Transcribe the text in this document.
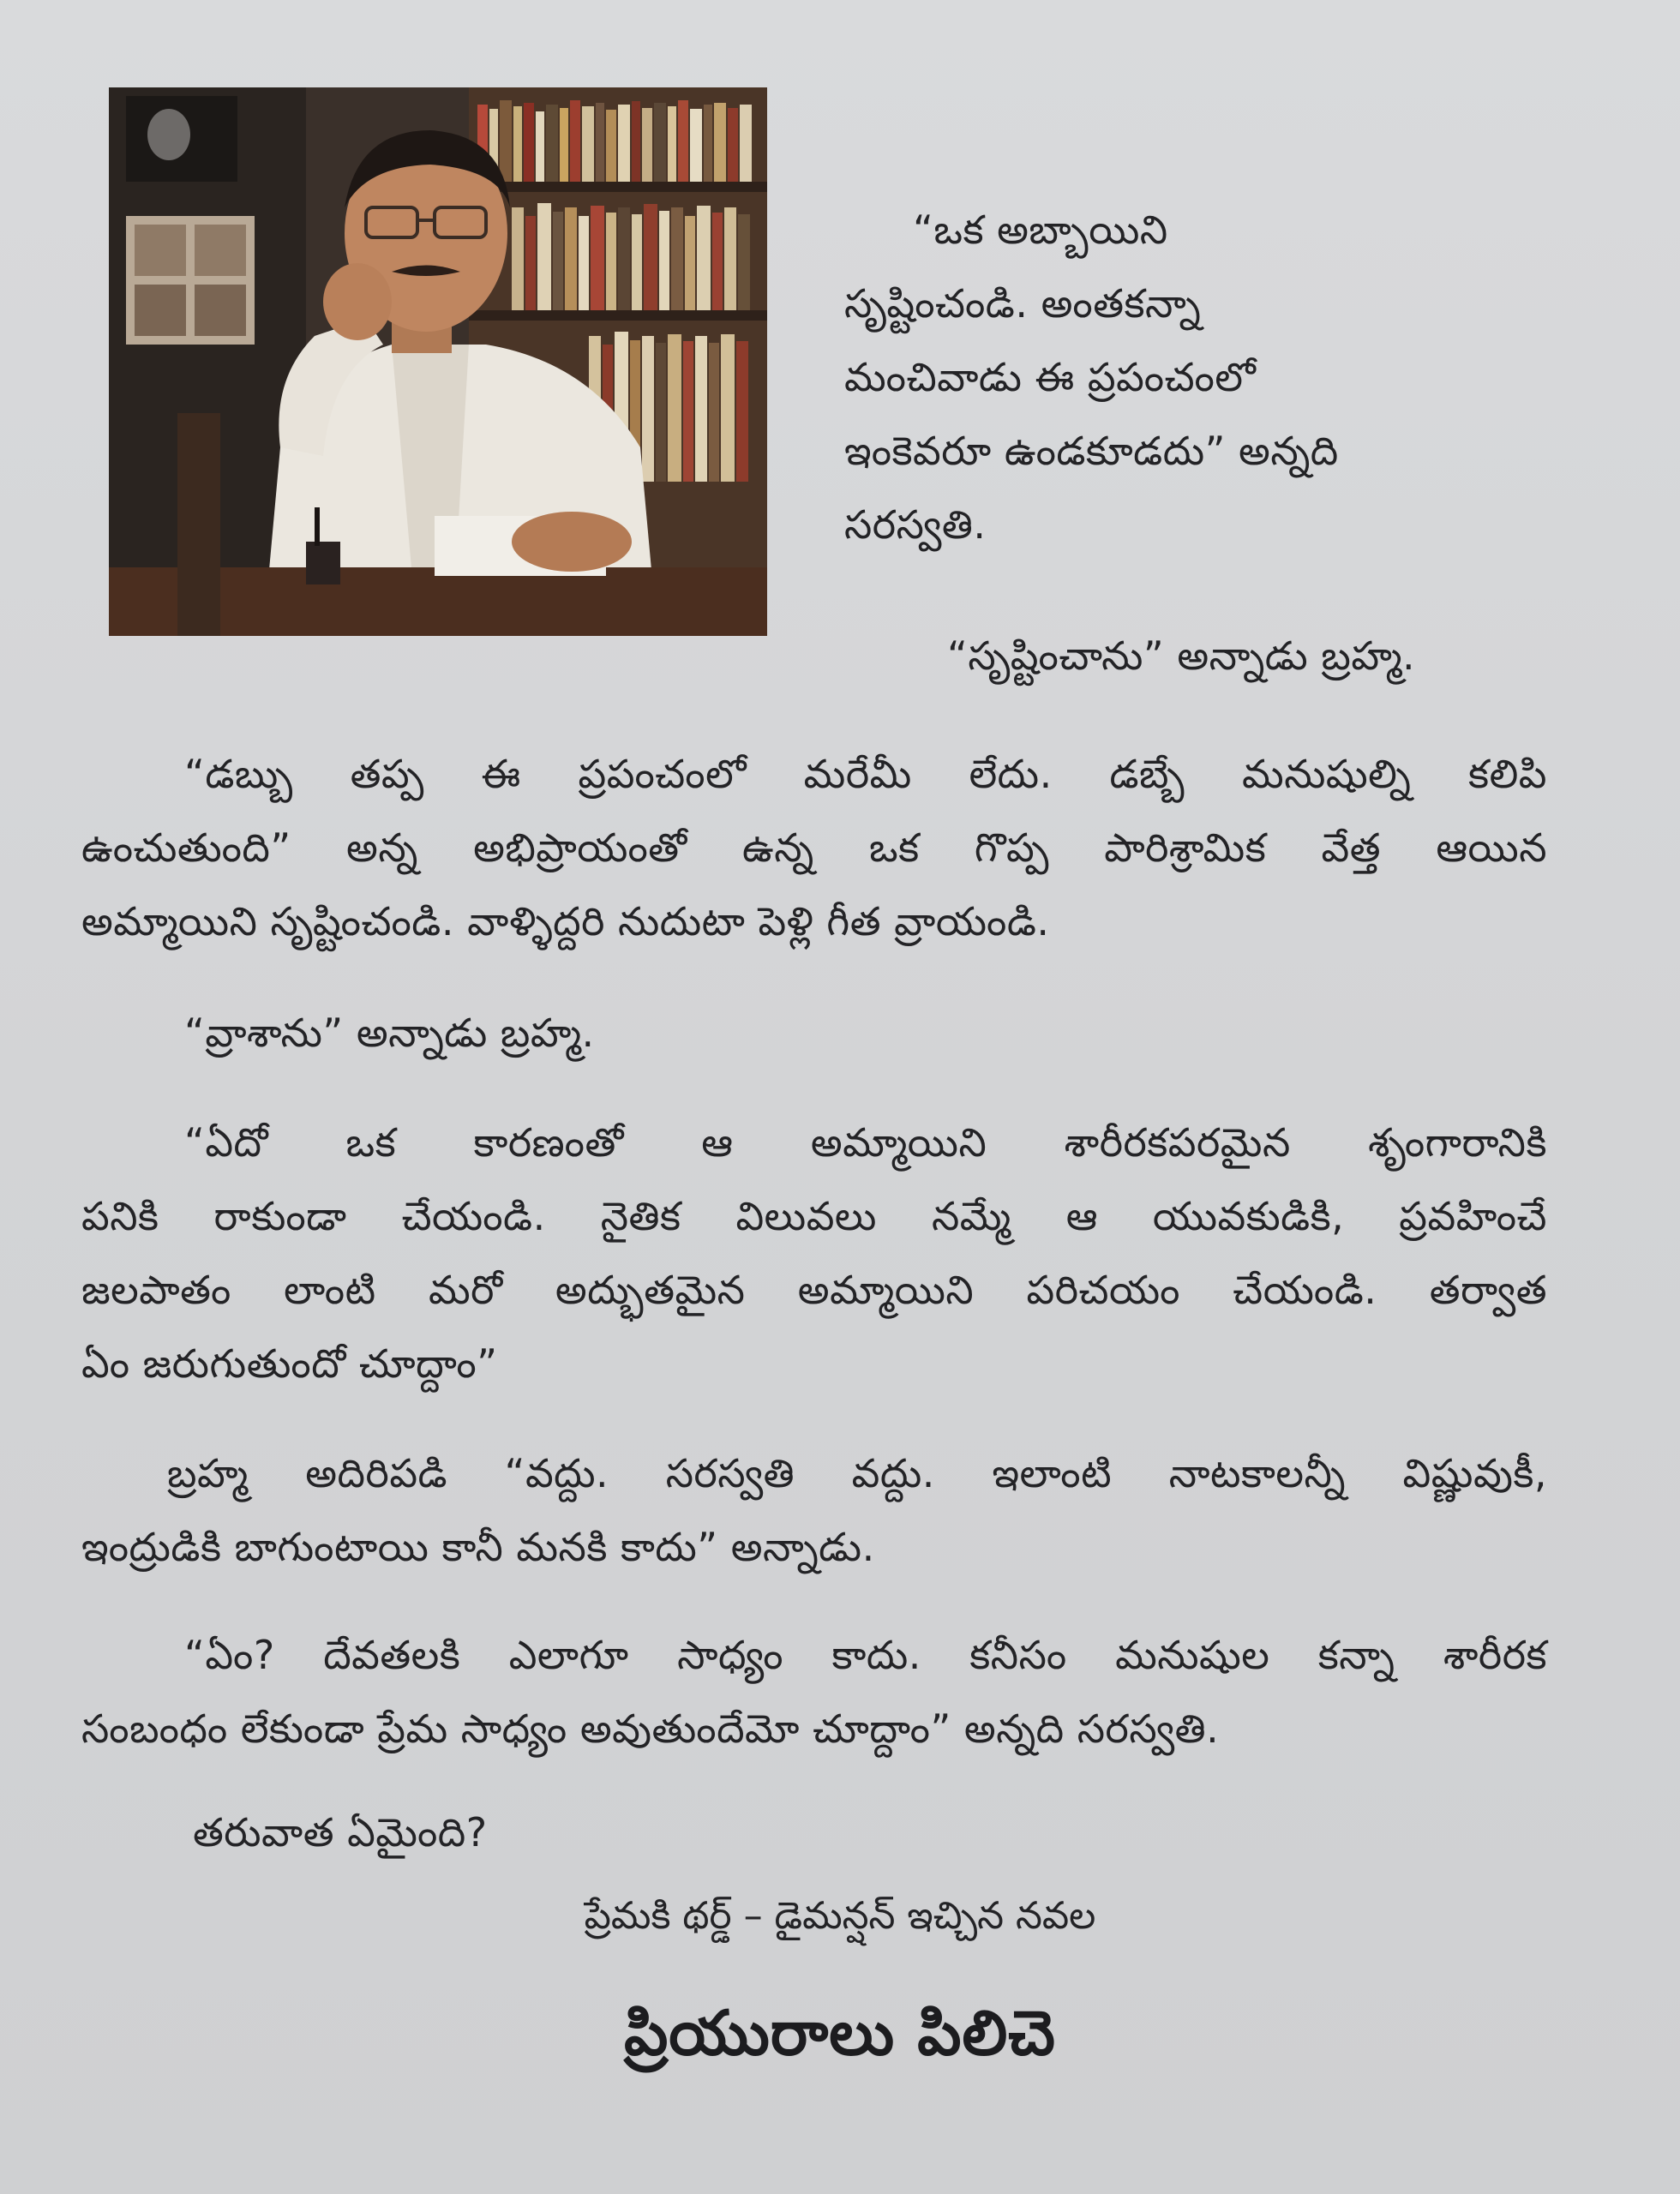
“ఒక అబ్బాయిని
సృష్టించండి. అంతకన్నా
మంచివాడు ఈ ప్రపంచంలో
ఇంకెవరూ ఉండకూడదు” అన్నది
సరస్వతి.
“సృష్టించాను” అన్నాడు బ్రహ్మ.
“డబ్బు తప్ప ఈ ప్రపంచంలో మరేమీ లేదు. డబ్బే మనుషుల్ని కలిపి
ఉంచుతుంది” అన్న అభిప్రాయంతో ఉన్న ఒక గొప్ప పారిశ్రామిక వేత్త ఆయిన
అమ్మాయిని సృష్టించండి. వాళ్ళిద్దరి నుదుటా పెళ్లి గీత వ్రాయండి.
“వ్రాశాను” అన్నాడు బ్రహ్మ.
“ఏదో ఒక కారణంతో ఆ అమ్మాయిని శారీరకపరమైన శృంగారానికి
పనికి రాకుండా చేయండి. నైతిక విలువలు నమ్మే ఆ యువకుడికి, ప్రవహించే
జలపాతం లాంటి మరో అద్భుతమైన అమ్మాయిని పరిచయం చేయండి. తర్వాత
ఏం జరుగుతుందో చూద్దాం”
బ్రహ్మ అదిరిపడి “వద్దు. సరస్వతి వద్దు. ఇలాంటి నాటకాలన్నీ విష్ణువుకీ,
ఇంద్రుడికి బాగుంటాయి కానీ మనకి కాదు” అన్నాడు.
“ఏం? దేవతలకి ఎలాగూ సాధ్యం కాదు. కనీసం మనుషుల కన్నా శారీరక
సంబంధం లేకుండా ప్రేమ సాధ్యం అవుతుందేమో చూద్దాం” అన్నది సరస్వతి.
తరువాత ఏమైంది?
ప్రేమకి థర్డ్ – డైమన్షన్ ఇచ్చిన నవల
ప్రియురాలు పిలిచె
